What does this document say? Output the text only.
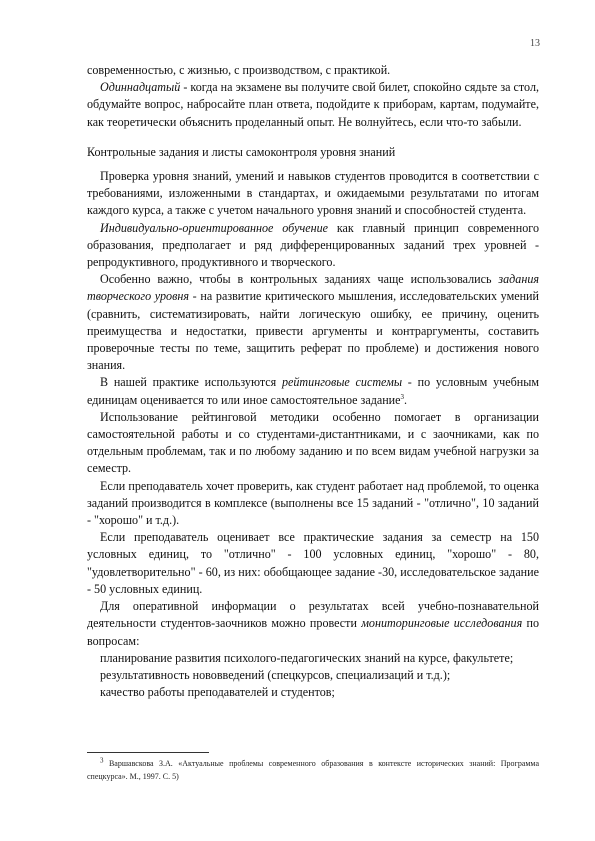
13

современностью, с жизнью, с производством, с практикой.

Одиннадцатый - когда на экзамене вы получите свой билет, спокойно сядьте за стол, обдумайте вопрос, набросайте план ответа, подойдите к приборам, картам, подумайте, как теоретически объяснить проделанный опыт. Не волнуйтесь, если что-то забыли.

Контрольные задания и листы самоконтроля уровня знаний

Проверка уровня знаний, умений и навыков студентов проводится в соответствии с требованиями, изложенными в стандартах, и ожидаемыми результатами по итогам каждого курса, а также с учетом начального уровня знаний и способностей студента.

Индивидуально-ориентированное обучение как главный принцип современного образования, предполагает и ряд дифференцированных заданий трех уровней - репродуктивного, продуктивного и творческого.

Особенно важно, чтобы в контрольных заданиях чаще использовались задания творческого уровня - на развитие критического мышления, исследовательских умений (сравнить, систематизировать, найти логическую ошибку, ее причину, оценить преимущества и недостатки, привести аргументы и контраргументы, составить проверочные тесты по теме, защитить реферат по проблеме) и достижения нового знания.

В нашей практике используются рейтинговые системы - по условным учебным единицам оценивается то или иное самостоятельное задание$^3$.

Использование рейтинговой методики особенно помогает в организации самостоятельной работы и со студентами-дистантниками, и с заочниками, как по отдельным проблемам, так и по любому заданию и по всем видам учебной нагрузки за семестр.

Если преподаватель хочет проверить, как студент работает над проблемой, то оценка заданий производится в комплексе (выполнены все 15 заданий - "отлично", 10 заданий - "хорошо" и т.д.).

Если преподаватель оценивает все практические задания за семестр на 150 условных единиц, то "отлично" - 100 условных единиц, "хорошо" - 80, "удовлетворительно" - 60, из них: обобщающее задание -30, исследовательское задание - 50 условных единиц.

Для оперативной информации о результатах всей учебно-познавательной деятельности студентов-заочников можно провести мониторинговые исследования по вопросам:

планирование развития психолого-педагогических знаний на курсе, факультете;

результативность нововведений (спецкурсов, специализаций и т.д.);

качество работы преподавателей и студентов;

$^3$ Варшавскова З.А. «Актуальные проблемы современного образования в контексте исторических знаний: Программа спецкурса». М., 1997. С. 5)
